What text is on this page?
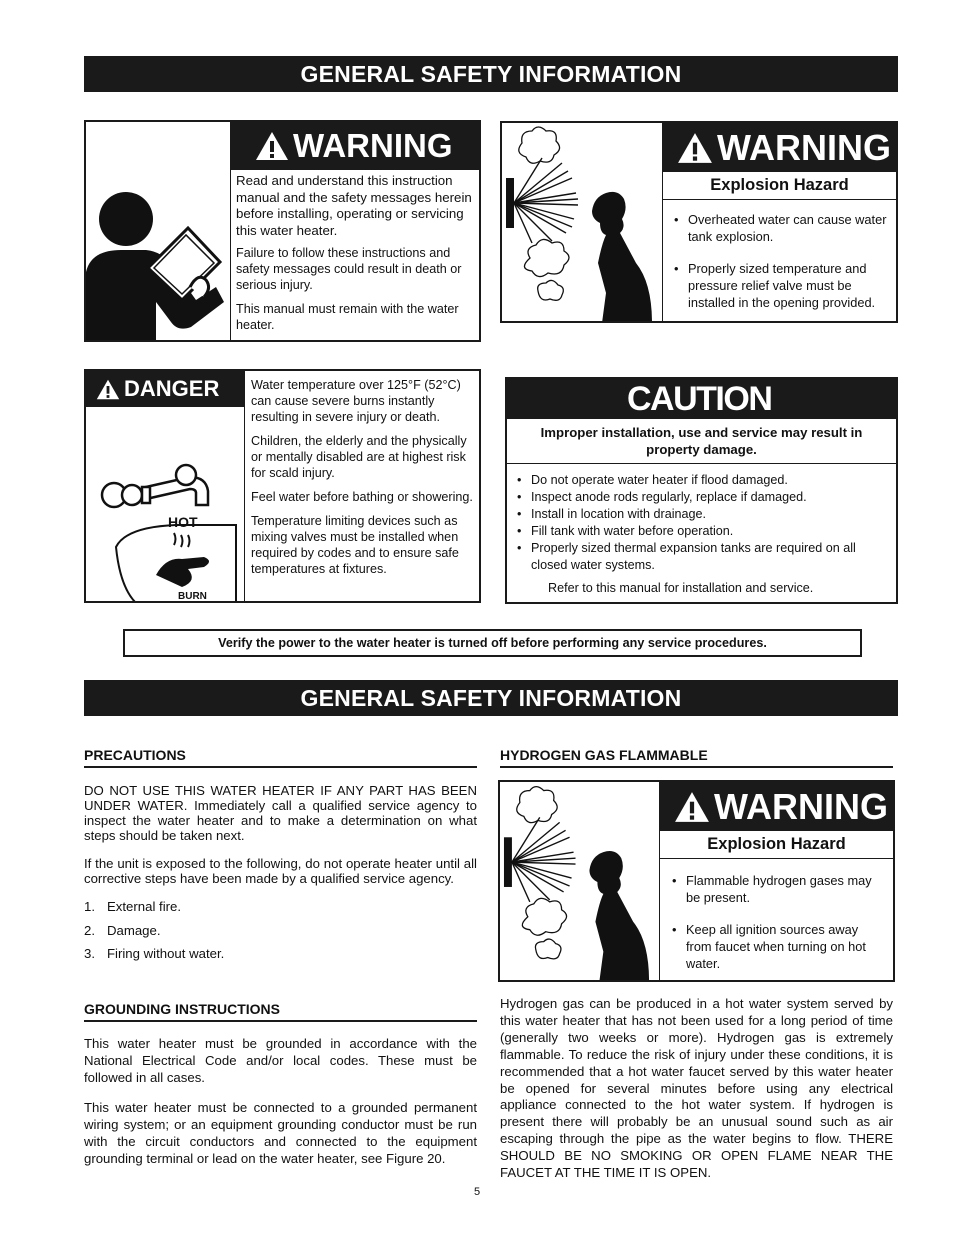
GENERAL SAFETY INFORMATION
WARNING

Read and understand this instruction manual and the safety messages herein before installing, operating or servicing this water heater.

Failure to follow these instructions and safety messages could result in death or serious injury.

This manual must remain with the water heater.

WARNING
Explosion Hazard
• Overheated water can cause water tank explosion.
• Properly sized temperature and pressure relief valve must be installed in the opening provided.
DANGER
HOT
BURN

Water temperature over 125°F (52°C) can cause severe burns instantly resulting in severe injury or death.

Children, the elderly and the physically or mentally disabled are at highest risk for scald injury.

Feel water before bathing or showering.

Temperature limiting devices such as mixing valves must be installed when required by codes and to ensure safe temperatures at fixtures.

CAUTION
Improper installation, use and service may result in property damage.
• Do not operate water heater if flood damaged.
• Inspect anode rods regularly, replace if damaged.
• Install in location with drainage.
• Fill tank with water before operation.
• Properly sized thermal expansion tanks are required on all closed water systems.
Refer to this manual for installation and service.
Verify the power to the water heater is turned off before performing any service procedures.
GENERAL SAFETY INFORMATION
PRECAUTIONS

DO NOT USE THIS WATER HEATER IF ANY PART HAS BEEN UNDER WATER. Immediately call a qualified service agency to inspect the water heater and to make a determination on what steps should be taken next.

If the unit is exposed to the following, do not operate heater until all corrective steps have been made by a qualified service agency.

1. External fire.
2. Damage.
3. Firing without water.
GROUNDING INSTRUCTIONS

This water heater must be grounded in accordance with the National Electrical Code and/or local codes. These must be followed in all cases.

This water heater must be connected to a grounded permanent wiring system; or an equipment grounding conductor must be run with the circuit conductors and connected to the equipment grounding terminal or lead on the water heater, see Figure 20.

HYDROGEN GAS FLAMMABLE
WARNING
Explosion Hazard
• Flammable hydrogen gases may be present.
• Keep all ignition sources away from faucet when turning on hot water.
Hydrogen gas can be produced in a hot water system served by this water heater that has not been used for a long period of time (generally two weeks or more). Hydrogen gas is extremely flammable. To reduce the risk of injury under these conditions, it is recommended that a hot water faucet served by this water heater be opened for several minutes before using any electrical appliance connected to the hot water system. If hydrogen is present there will probably be an unusual sound such as air escaping through the pipe as the water begins to flow. THERE SHOULD BE NO SMOKING OR OPEN FLAME NEAR THE FAUCET AT THE TIME IT IS OPEN.
5
